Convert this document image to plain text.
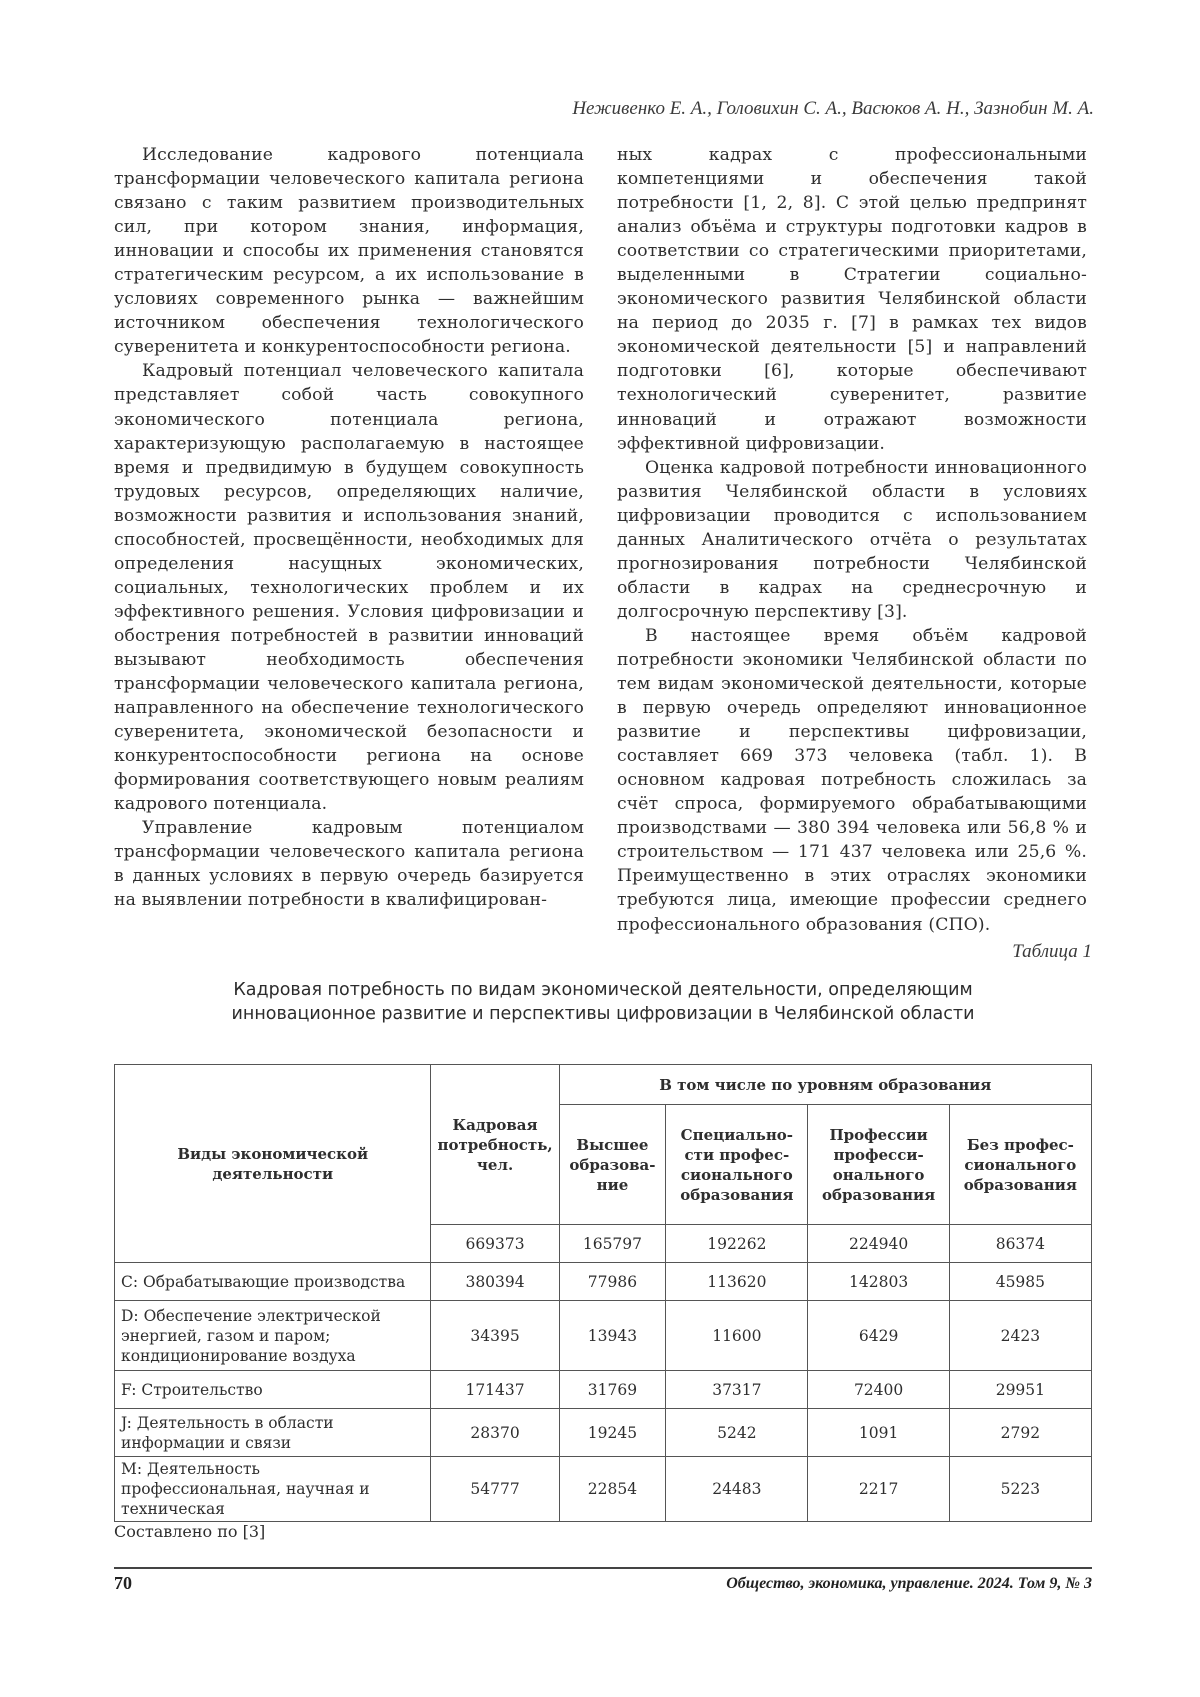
Неживенко Е. А., Головихин С. А., Васюков А. Н., Зазнобин М. А.

Исследование кадрового потенциала трансформации человеческого капитала региона связано с таким развитием производительных сил, при котором знания, информация, инновации и способы их применения становятся стратегическим ресурсом, а их использование в условиях современного рынка — важнейшим источником обеспечения технологического суверенитета и конкурентоспособности региона.

Кадровый потенциал человеческого капитала представляет собой часть совокупного экономического потенциала региона, характеризующую располагаемую в настоящее время и предвидимую в будущем совокупность трудовых ресурсов, определяющих наличие, возможности развития и использования знаний, способностей, просвещённости, необходимых для определения насущных экономических, социальных, технологических проблем и их эффективного решения. Условия цифровизации и обострения потребностей в развитии инноваций вызывают необходимость обеспечения трансформации человеческого капитала региона, направленного на обеспечение технологического суверенитета, экономической безопасности и конкурентоспособности региона на основе формирования соответствующего новым реалиям кадрового потенциала.

Управление кадровым потенциалом трансформации человеческого капитала региона в данных условиях в первую очередь базируется на выявлении потребности в квалифицирован-

ных кадрах с профессиональными компетенциями и обеспечения такой потребности [1, 2, 8]. С этой целью предпринят анализ объёма и структуры подготовки кадров в соответствии со стратегическими приоритетами, выделенными в Стратегии социально-экономического развития Челябинской области на период до 2035 г. [7] в рамках тех видов экономической деятельности [5] и направлений подготовки [6], которые обеспечивают технологический суверенитет, развитие инноваций и отражают возможности эффективной цифровизации.

Оценка кадровой потребности инновационного развития Челябинской области в условиях цифровизации проводится с использованием данных Аналитического отчёта о результатах прогнозирования потребности Челябинской области в кадрах на среднесрочную и долгосрочную перспективу [3].

В настоящее время объём кадровой потребности экономики Челябинской области по тем видам экономической деятельности, которые в первую очередь определяют инновационное развитие и перспективы цифровизации, составляет 669 373 человека (табл. 1). В основном кадровая потребность сложилась за счёт спроса, формируемого обрабатывающими производствами — 380 394 человека или 56,8 % и строительством — 171 437 человека или 25,6 %. Преимущественно в этих отраслях экономики требуются лица, имеющие профессии среднего профессионального образования (СПО).

Таблица 1
Кадровая потребность по видам экономической деятельности, определяющим
инновационное развитие и перспективы цифровизации в Челябинской области
Виды экономической деятельности	Кадровая потребность, чел.	В том числе по уровням образования			
		Высшее образова-ние	Специально-сти профес-сионального образования	Профессии професси-онального образования	Без профес-сионального образования
	669373	165797	192262	224940	86374
C: Обрабатывающие производства	380394	77986	113620	142803	45985
D: Обеспечение электрической энергией, газом и паром; кондиционирование воздуха	34395	13943	11600	6429	2423
F: Строительство	171437	31769	37317	72400	29951
J: Деятельность в области информации и связи	28370	19245	5242	1091	2792
M: Деятельность профессиональная, научная и техническая	54777	22854	24483	2217	5223
Составлено по [3]
70	Общество, экономика, управление. 2024. Том 9, № 3
